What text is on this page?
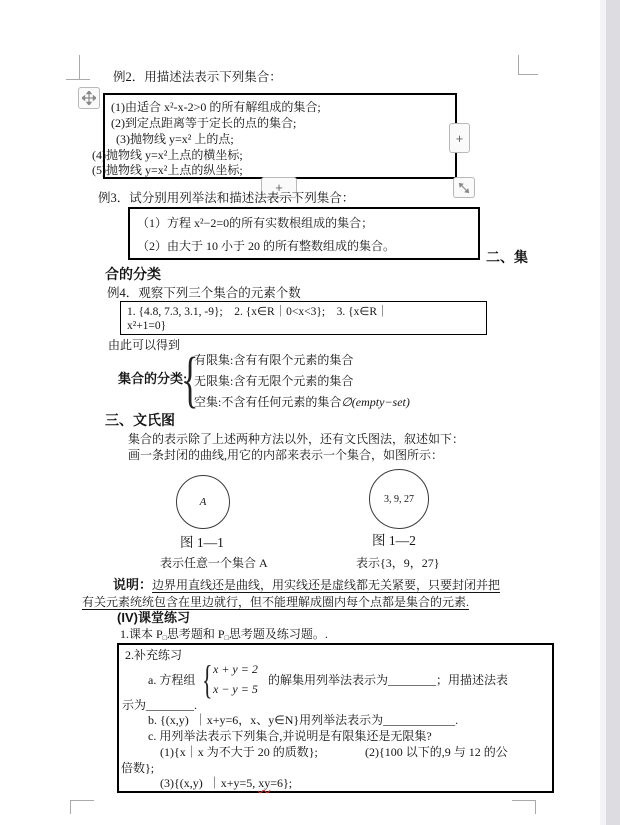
例2．用描述法表示下列集合：
(1)由适合 x²-x-2>0 的所有解组成的集合;
(2)到定点距离等于定长的点的集合;
(3)抛物线 y=x² 上的点;
(4)抛物线 y=x²上点的横坐标;
(5)抛物线 y=x²上点的纵坐标;
+
+
例3．试分别用列举法和描述法表示下列集合：
（1）方程 x²−2=0的所有实数根组成的集合；
（2）由大于 10 小于 20 的所有整数组成的集合。
二、集
合的分类
例4．观察下列三个集合的元素个数
1. {4.8, 7.3, 3.1, -9};    2. {x∈R｜0<x<3};    3. {x∈R｜
x²+1=0}
由此可以得到
集合的分类:
{
有限集:含有有限个元素的集合
无限集:含有无限个元素的集合
空集:不含有任何元素的集合∅(empty−set)
三、文氏图
集合的表示除了上述两种方法以外，还有文氏图法，叙述如下：
画一条封闭的曲线,用它的内部来表示一个集合，如图所示：
A	3, 9, 27
图 1—1	图 1—2
表示任意一个集合 A	表示{3，9，27}
说明：边界用直线还是曲线，用实线还是虚线都无关紧要，只要封闭并把
有关元素统统包含在里边就行，但不能理解成圈内每个点都是集合的元素.
(IV)课堂练习
1.课本 $P_□$思考题和 $P_□$思考题及练习题。.
2.补充练习
a. 方程组 { x + y = 2
x − y = 5
的解集用列举法表示为________；用描述法表
示为________.
b. {(x,y)  ｜x+y=6，x、y∈N}用列举法表示为____________.
c. 用列举法表示下列集合,并说明是有限集还是无限集?
(1){x｜x 为不大于 20 的质数};	(2){100 以下的,9 与 12 的公
倍数};
(3){(x,y)  ｜x+y=5, xy=6};
